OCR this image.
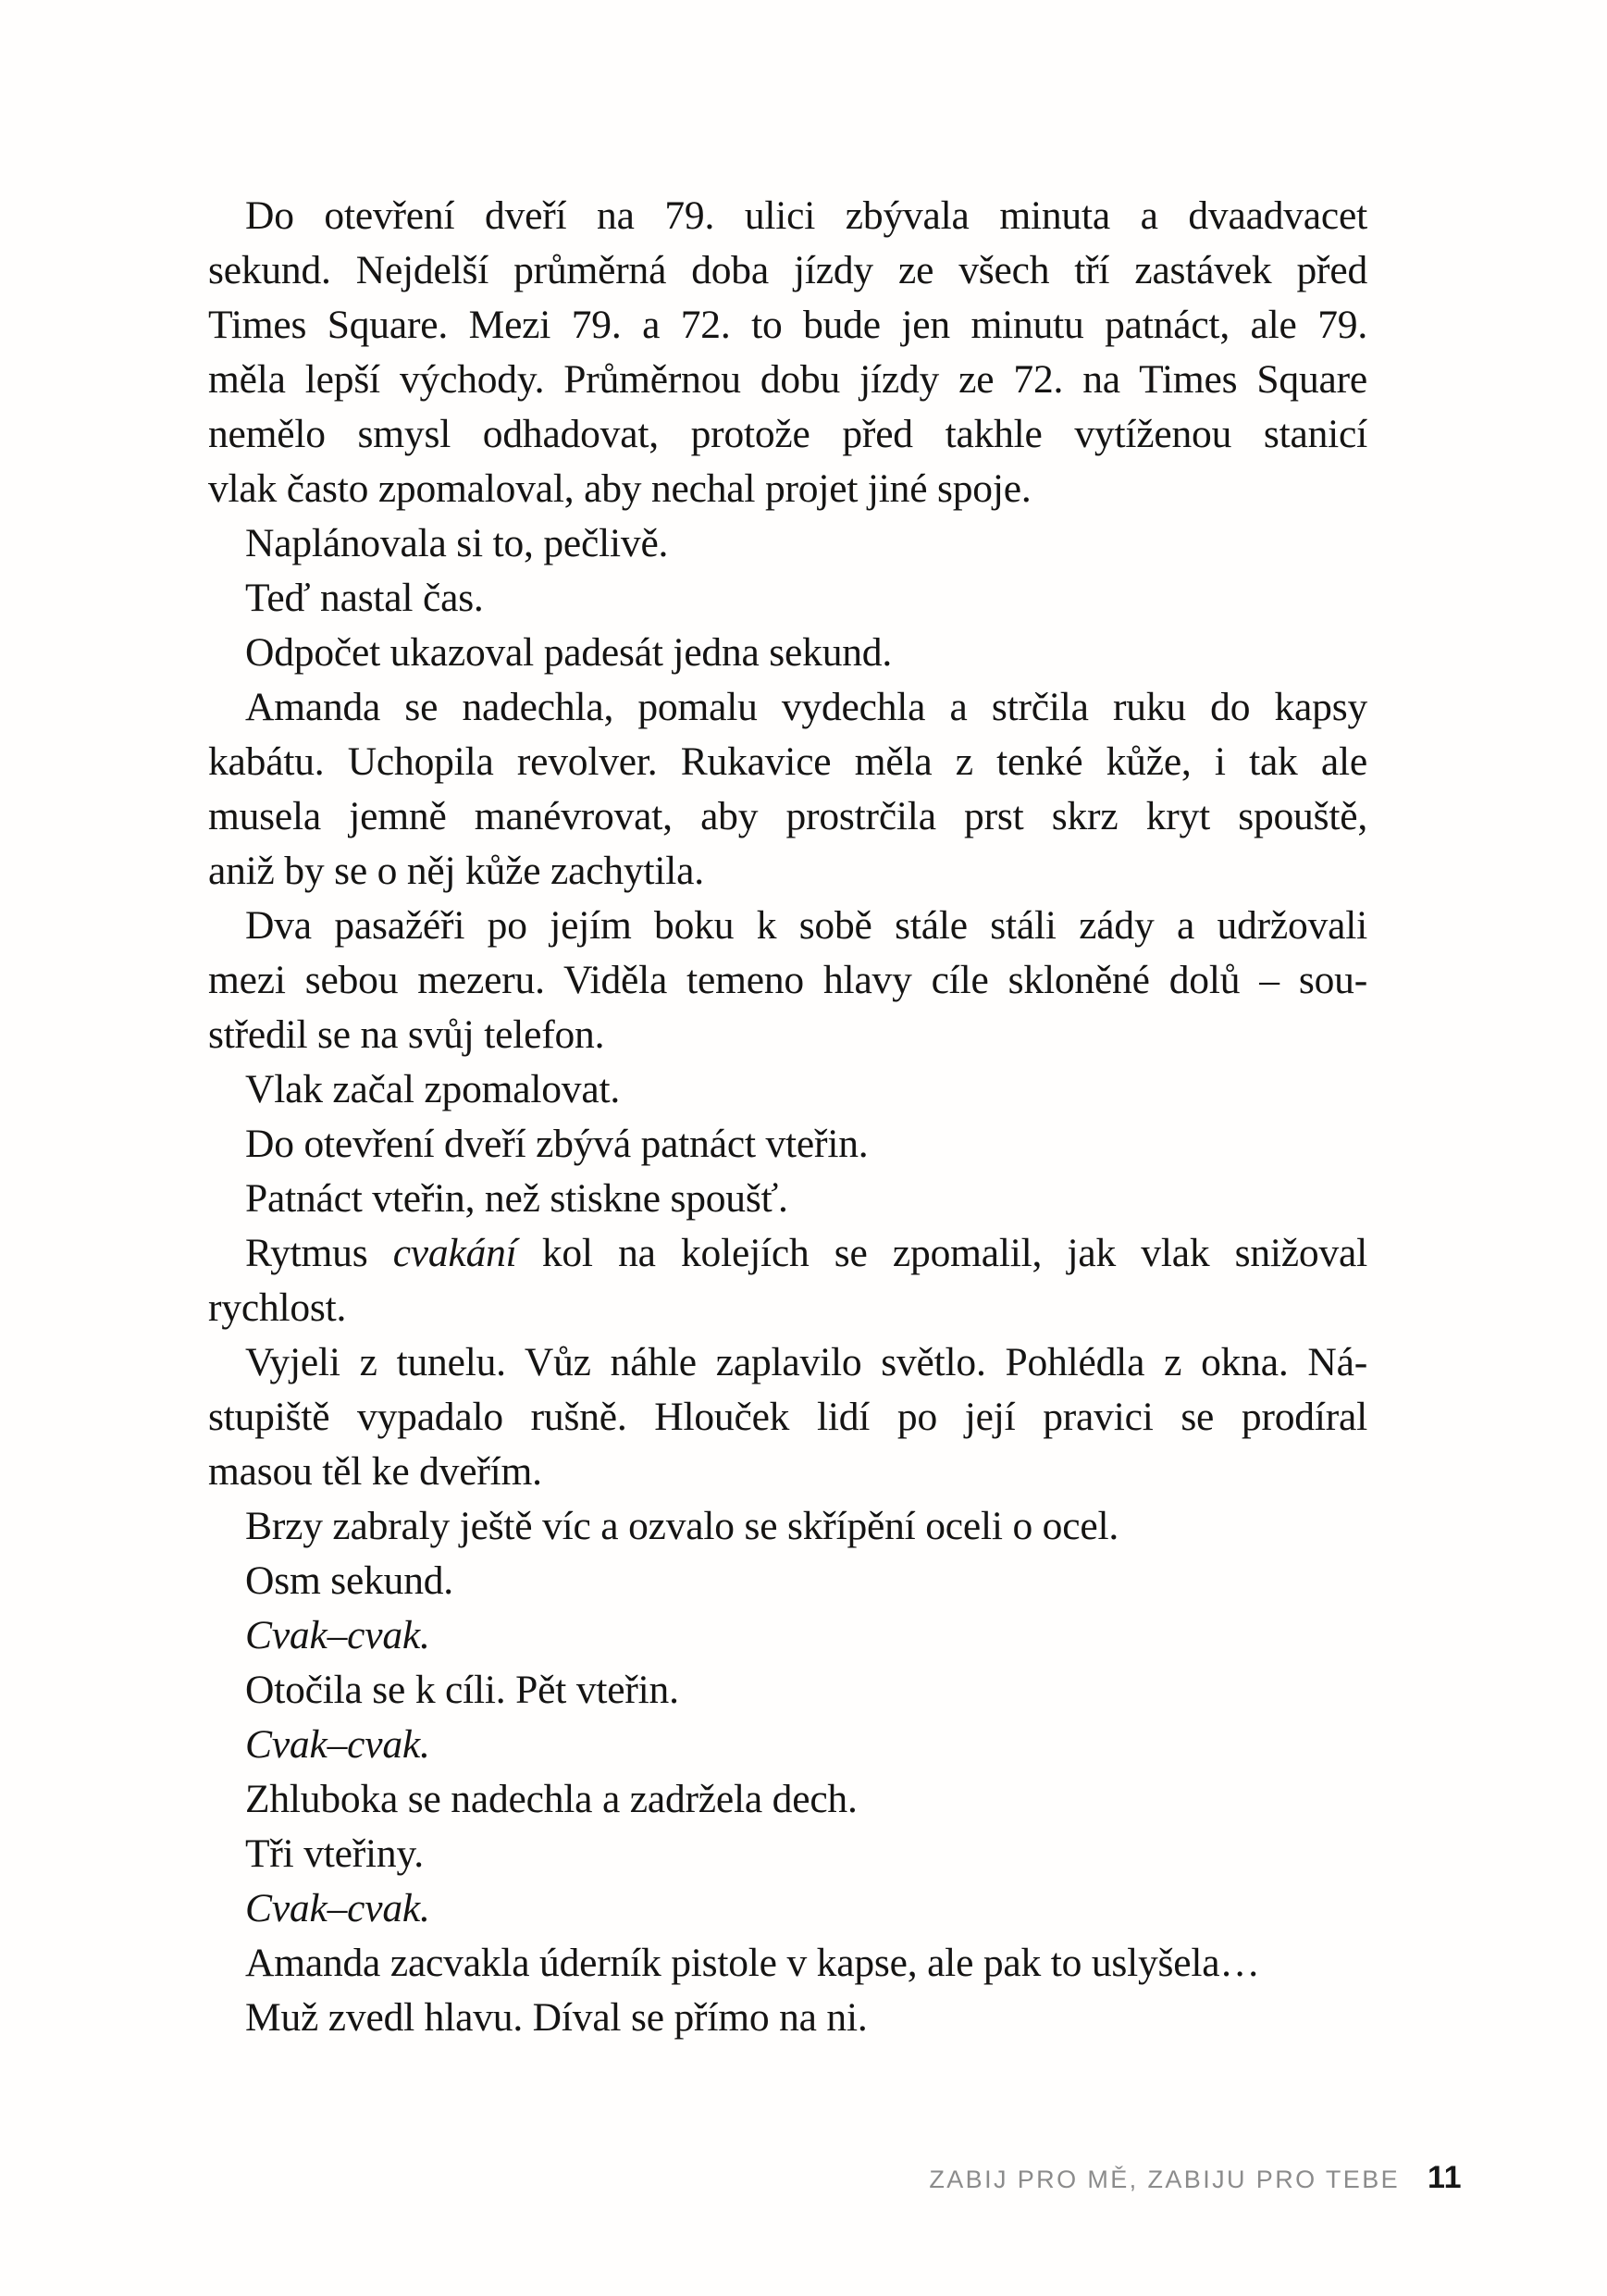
Do otevření dveří na 79. ulici zbývala minuta a dvaadvacet
sekund. Nejdelší průměrná doba jízdy ze všech tří zastávek před
Times Square. Mezi 79. a 72. to bude jen minutu patnáct, ale 79.
měla lepší východy. Průměrnou dobu jízdy ze 72. na Times Square
nemělo smysl odhadovat, protože před takhle vytíženou stanicí
vlak často zpomaloval, aby nechal projet jiné spoje.
Naplánovala si to, pečlivě.
Teď nastal čas.
Odpočet ukazoval padesát jedna sekund.
Amanda se nadechla, pomalu vydechla a strčila ruku do kapsy
kabátu. Uchopila revolver. Rukavice měla z tenké kůže, i tak ale
musela jemně manévrovat, aby prostrčila prst skrz kryt spouště,
aniž by se o něj kůže zachytila.
Dva pasažéři po jejím boku k sobě stále stáli zády a udržovali
mezi sebou mezeru. Viděla temeno hlavy cíle skloněné dolů – sou-
středil se na svůj telefon.
Vlak začal zpomalovat.
Do otevření dveří zbývá patnáct vteřin.
Patnáct vteřin, než stiskne spoušť.
Rytmus cvakání kol na kolejích se zpomalil, jak vlak snižoval
rychlost.
Vyjeli z tunelu. Vůz náhle zaplavilo světlo. Pohlédla z okna. Ná-
stupiště vypadalo rušně. Hlouček lidí po její pravici se prodíral
masou těl ke dveřím.
Brzy zabraly ještě víc a ozvalo se skřípění oceli o ocel.
Osm sekund.
Cvak–cvak.
Otočila se k cíli. Pět vteřin.
Cvak–cvak.
Zhluboka se nadechla a zadržela dech.
Tři vteřiny.
Cvak–cvak.
Amanda zacvakla úderník pistole v kapse, ale pak to uslyšela…
Muž zvedl hlavu. Díval se přímo na ni.
ZABIJ PRO MĚ, ZABIJU PRO TEBE 11
